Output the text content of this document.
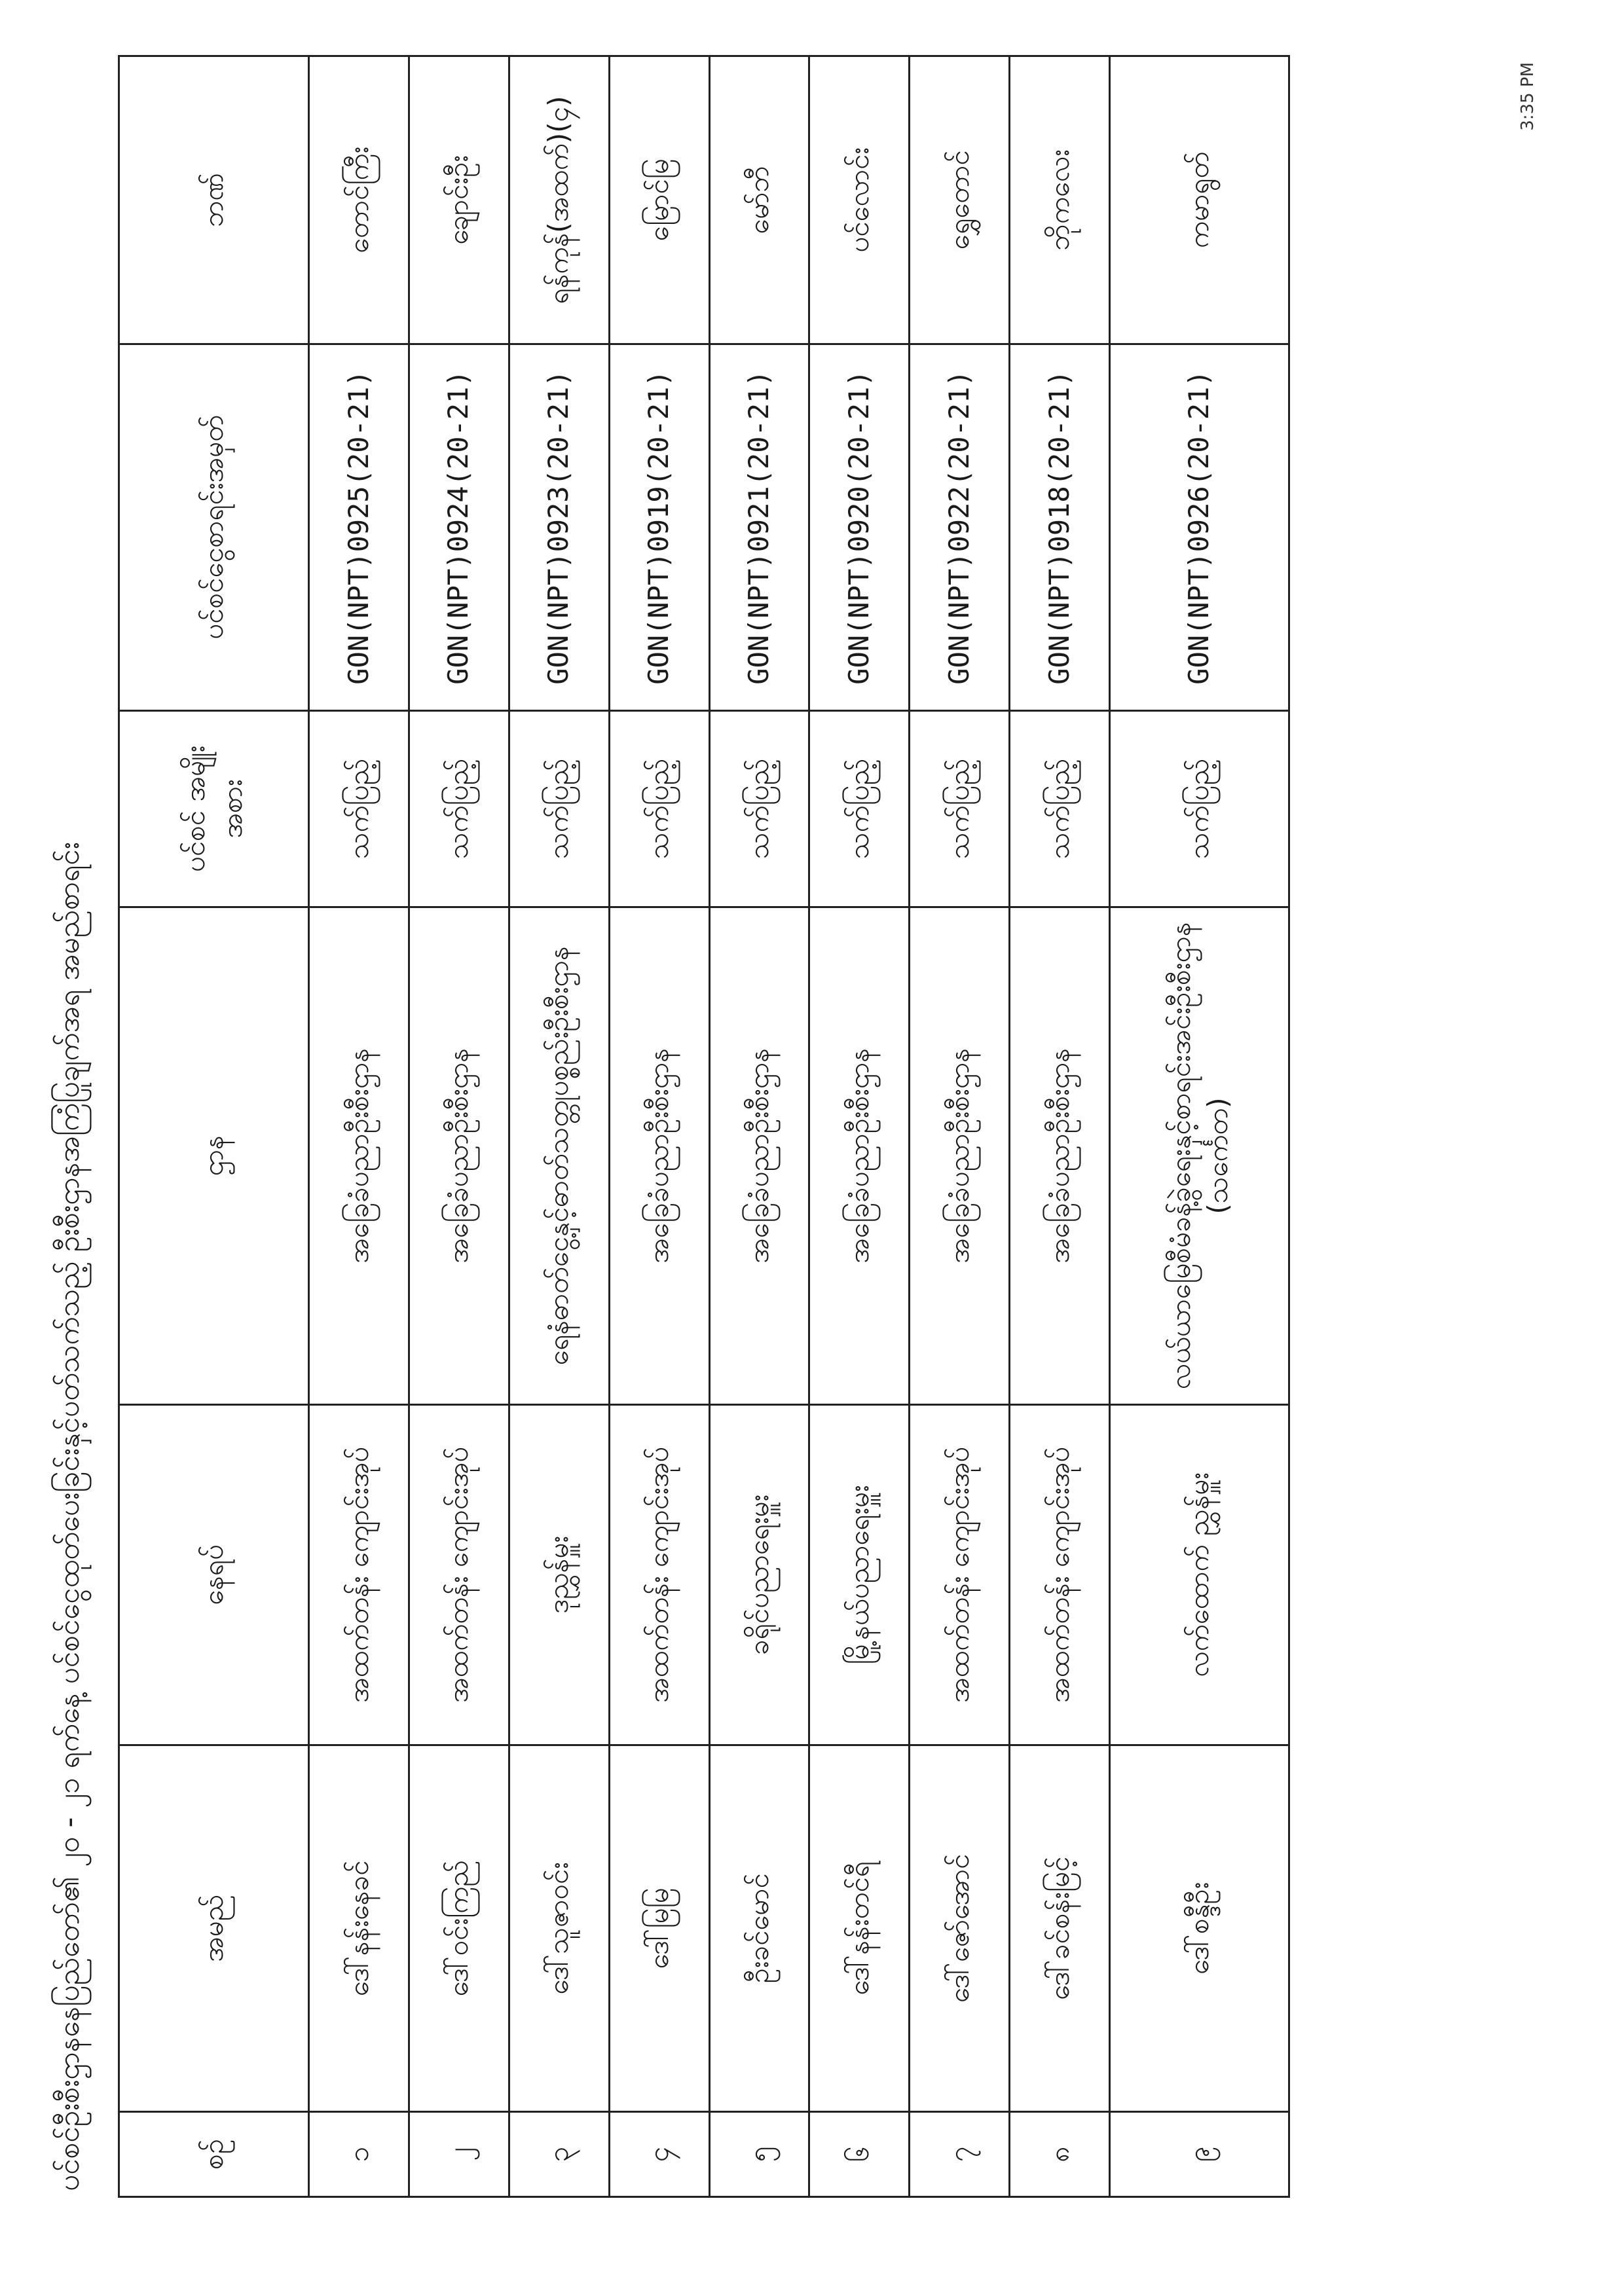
3:35 PM
ပင်စင်ဦးစီးဌာနနေပြည်တော်၏ ၂၀ - ၂၁ ရက်နေ့ ပင်စင်ငွေထုတ်ပေးခြင်းနှင့်ပတ်သက်သည့် ဦးစီးဌာနအကြံပြုချက်အရ အမည်စာရင်း	စဉ်	အမည်	နေရပ်	ဌာန	ပင်စင် အမျိုးအစား	ပင်စင်ငွေစာရင်းအမှတ်	ဘဏ်
၁	ဒေါ်နန်းနေခင်	အထက်တန်း ကျောင်းအုပ်	အခြေခံပညာဦးစီးဌာန	သက်ပြည့်	GON(NPT)0925(20-21)	တောင်ကြီး
၂	ဒေါ်ဝင်းကြည်	အထက်တန်း ကျောင်းအုပ်	အခြေခံပညာဦးစီးဌာန	သက်ပြည့်	GON(NPT)0924(20-21)	ချောင်းဦး
၃	ဒေါ်သူဇာဝင်း	ဒုညွှန်မှူး	ရေနံဓာတ်ငွေ့နှင့်ဓာတ်သတ္တုပစ္စည်းဦးစီးဌာန	သက်ပြည့်	GON(NPT)0923(20-21)	ရန်ကုန်(အထက်)(၄)
၄	ဒေါ်မြမြ	အထက်တန်း ကျောင်းအုပ်	အခြေခံပညာဦးစီးဌာန	သက်ပြည့်	GON(NPT)0919(20-21)	မြောင်မြ
၅	ဦးခင်မောင်	ခရိုင်ပညာရေးမှူး	အခြေခံပညာဦးစီးဌာန	သက်ပြည့်	GON(NPT)0921(20-21)	မော်ဘီ
၆	ဒေါ်နန်းတင်ရီ	မြို့နယ်ပညာရေးမှူး	အခြေခံပညာဦးစီးဌာန	သက်ပြည့်	GON(NPT)0920(20-21)	ပင်လောင်း
၇	ဒေါ်ဇော်အောင်	အထက်တန်း ကျောင်းအုပ်	အခြေခံပညာဦးစီးဌာန	သက်ပြည့်	GON(NPT)0922(20-21)	ရွှေတောင်
၈	ဒေါ်ခင်စန်းမြင့်	အထက်တန်း ကျောင်းအုပ်	အခြေခံပညာဦးစီးဌာန	သက်ပြည့်	GON(NPT)0918(20-21)	ဘိုကလေး
၉	ဒေါ်စန္ဒီဦး	လက်ထောက် ညွှန်မှူး	လယ်ယာမြေစီမံခန့်ခွဲရေးနှင့်စာရင်းအင်းဦးစီးဌာန (သင်္ကေတ)	သက်ပြည့်	GON(NPT)0926(20-21)	ကမာရွတ်
